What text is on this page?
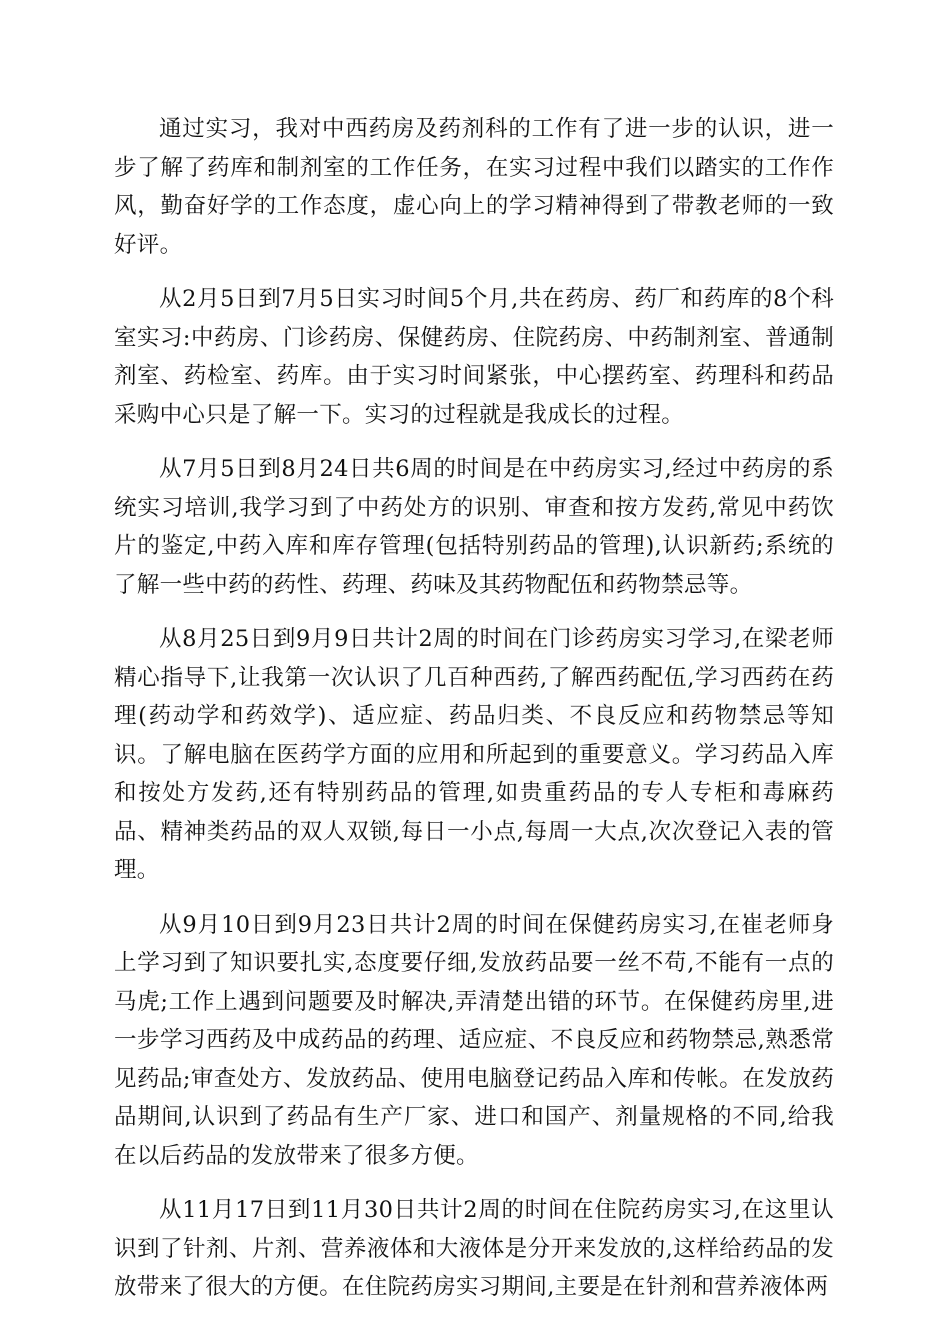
通过实习，我对中西药房及药剂科的工作有了进一步的认识，进一步了解了药库和制剂室的工作任务，在实习过程中我们以踏实的工作作风，勤奋好学的工作态度，虚心向上的学习精神得到了带教老师的一致好评。

从2月5日到7月5日实习时间5个月,共在药房、药厂和药库的8个科室实习:中药房、门诊药房、保健药房、住院药房、中药制剂室、普通制剂室、药检室、药库。由于实习时间紧张，中心摆药室、药理科和药品采购中心只是了解一下。实习的过程就是我成长的过程。

从7月5日到8月24日共6周的时间是在中药房实习,经过中药房的系统实习培训,我学习到了中药处方的识别、审查和按方发药,常见中药饮片的鉴定,中药入库和库存管理(包括特别药品的管理),认识新药;系统的了解一些中药的药性、药理、药味及其药物配伍和药物禁忌等。

从8月25日到9月9日共计2周的时间在门诊药房实习学习,在梁老师精心指导下,让我第一次认识了几百种西药,了解西药配伍,学习西药在药理(药动学和药效学)、适应症、药品归类、不良反应和药物禁忌等知识。了解电脑在医药学方面的应用和所起到的重要意义。学习药品入库和按处方发药,还有特别药品的管理,如贵重药品的专人专柜和毒麻药品、精神类药品的双人双锁,每日一小点,每周一大点,次次登记入表的管理。

从9月10日到9月23日共计2周的时间在保健药房实习,在崔老师身上学习到了知识要扎实,态度要仔细,发放药品要一丝不苟,不能有一点的马虎;工作上遇到问题要及时解决,弄清楚出错的环节。在保健药房里,进一步学习西药及中成药品的药理、适应症、不良反应和药物禁忌,熟悉常见药品;审查处方、发放药品、使用电脑登记药品入库和传帐。在发放药品期间,认识到了药品有生产厂家、进口和国产、剂量规格的不同,给我在以后药品的发放带来了很多方便。

从11月17日到11月30日共计2周的时间在住院药房实习,在这里认识到了针剂、片剂、营养液体和大液体是分开来发放的,这样给药品的发放带来了很大的方便。在住院药房实习期间,主要是在针剂和营养液体两
